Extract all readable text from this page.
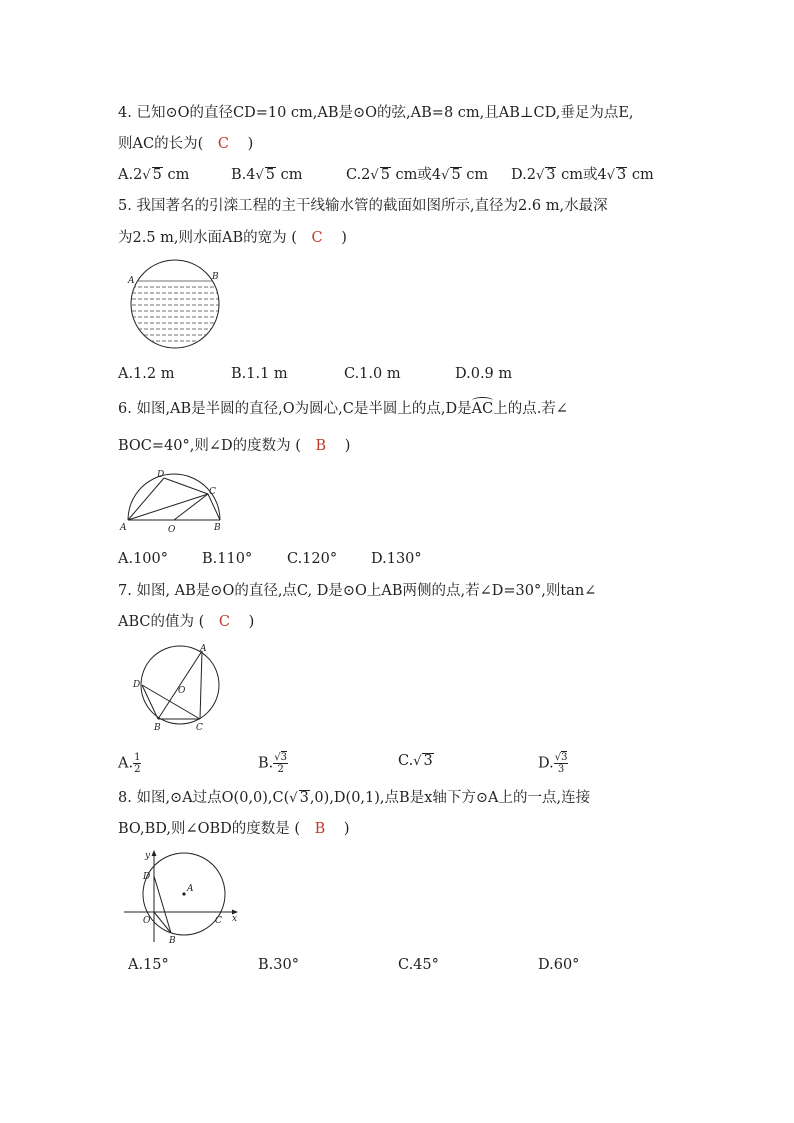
4. 已知⊙O的直径CD=10 cm,AB是⊙O的弦,AB=8 cm,且AB⊥CD,垂足为点E,
则AC的长为( C )
A.2√ 5 cm	B.4√ 5 cm	C.2√ 5 cm或4√ 5 cm D.2√ 3 cm或4√ 3 cm
5. 我国著名的引滦工程的主干线输水管的截面如图所示,直径为2.6 m,水最深
为2.5 m,则水面AB的宽为 ( C )
A	B
A.1.2 m	B.1.1 m	C.1.0 m	D.0.9 m
6. 如图,AB是半圆的直径,O为圆心,C是半圆上的点,D是AC上的点.若∠
BOC=40°,则∠D的度数为 ( B )
A	B
C
D
O
A.100° B.110° C.120° D.130°
7. 如图, AB是⊙O的直径,点C, D是⊙O上AB两侧的点,若∠D=30°,则tan∠
ABC的值为 ( C )
A
B	C
D
O
A. $\frac{1}{2}$	B. $\frac{√3}{2}$	C.√ 3	D. $\frac{√3}{3}$
8. 如图,⊙A过点O(0,0),C(√ 3,0),D(0,1),点B是x轴下方⊙A上的一点,连接
BO,BD,则∠OBD的度数是 ( B )
y
x
A
B
C
D
O
A.15°	B.30°	C.45°	D.60°
